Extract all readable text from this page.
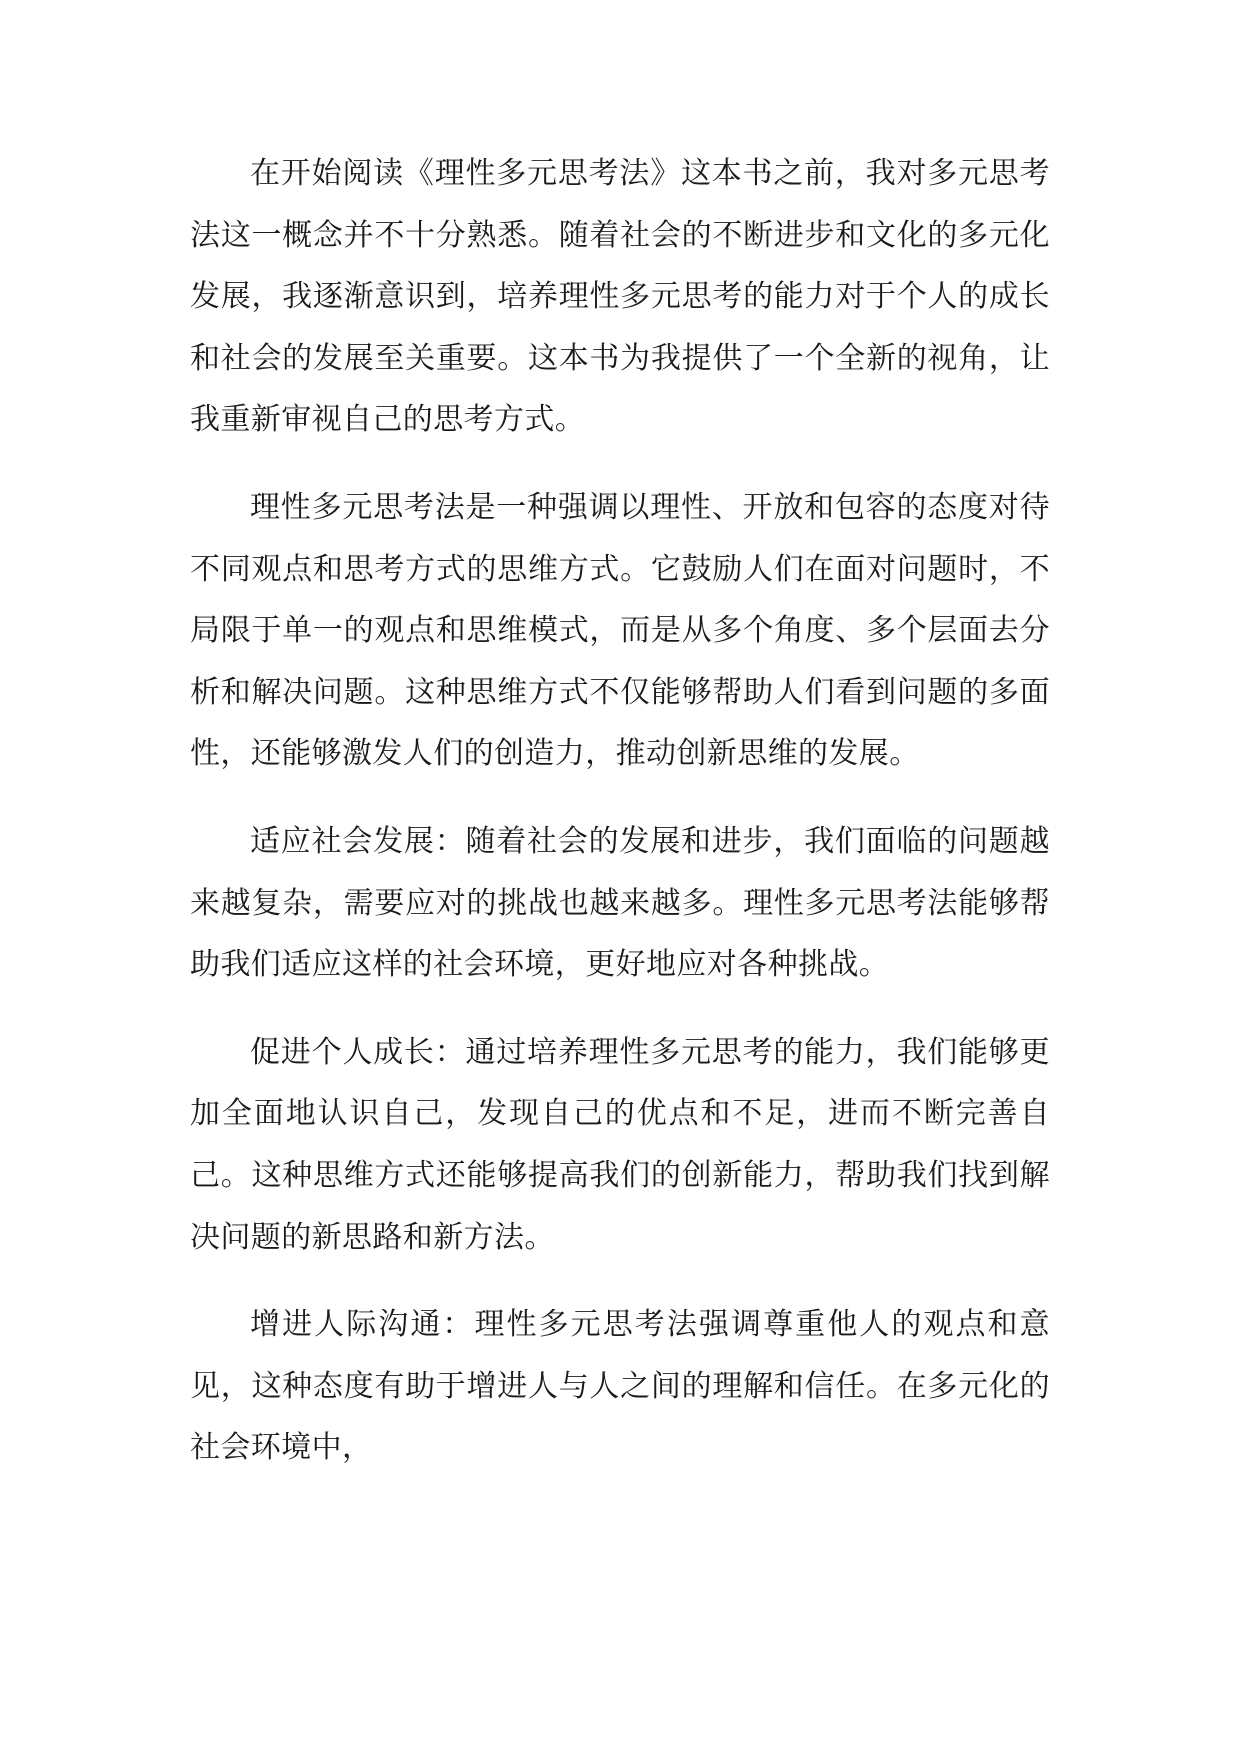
在开始阅读《理性多元思考法》这本书之前，我对多元思考法这一概念并不十分熟悉。随着社会的不断进步和文化的多元化发展，我逐渐意识到，培养理性多元思考的能力对于个人的成长和社会的发展至关重要。这本书为我提供了一个全新的视角，让我重新审视自己的思考方式。

理性多元思考法是一种强调以理性、开放和包容的态度对待不同观点和思考方式的思维方式。它鼓励人们在面对问题时，不局限于单一的观点和思维模式，而是从多个角度、多个层面去分析和解决问题。这种思维方式不仅能够帮助人们看到问题的多面性，还能够激发人们的创造力，推动创新思维的发展。

适应社会发展：随着社会的发展和进步，我们面临的问题越来越复杂，需要应对的挑战也越来越多。理性多元思考法能够帮助我们适应这样的社会环境，更好地应对各种挑战。

促进个人成长：通过培养理性多元思考的能力，我们能够更加全面地认识自己，发现自己的优点和不足，进而不断完善自己。这种思维方式还能够提高我们的创新能力，帮助我们找到解决问题的新思路和新方法。

增进人际沟通：理性多元思考法强调尊重他人的观点和意见，这种态度有助于增进人与人之间的理解和信任。在多元化的社会环境中，
